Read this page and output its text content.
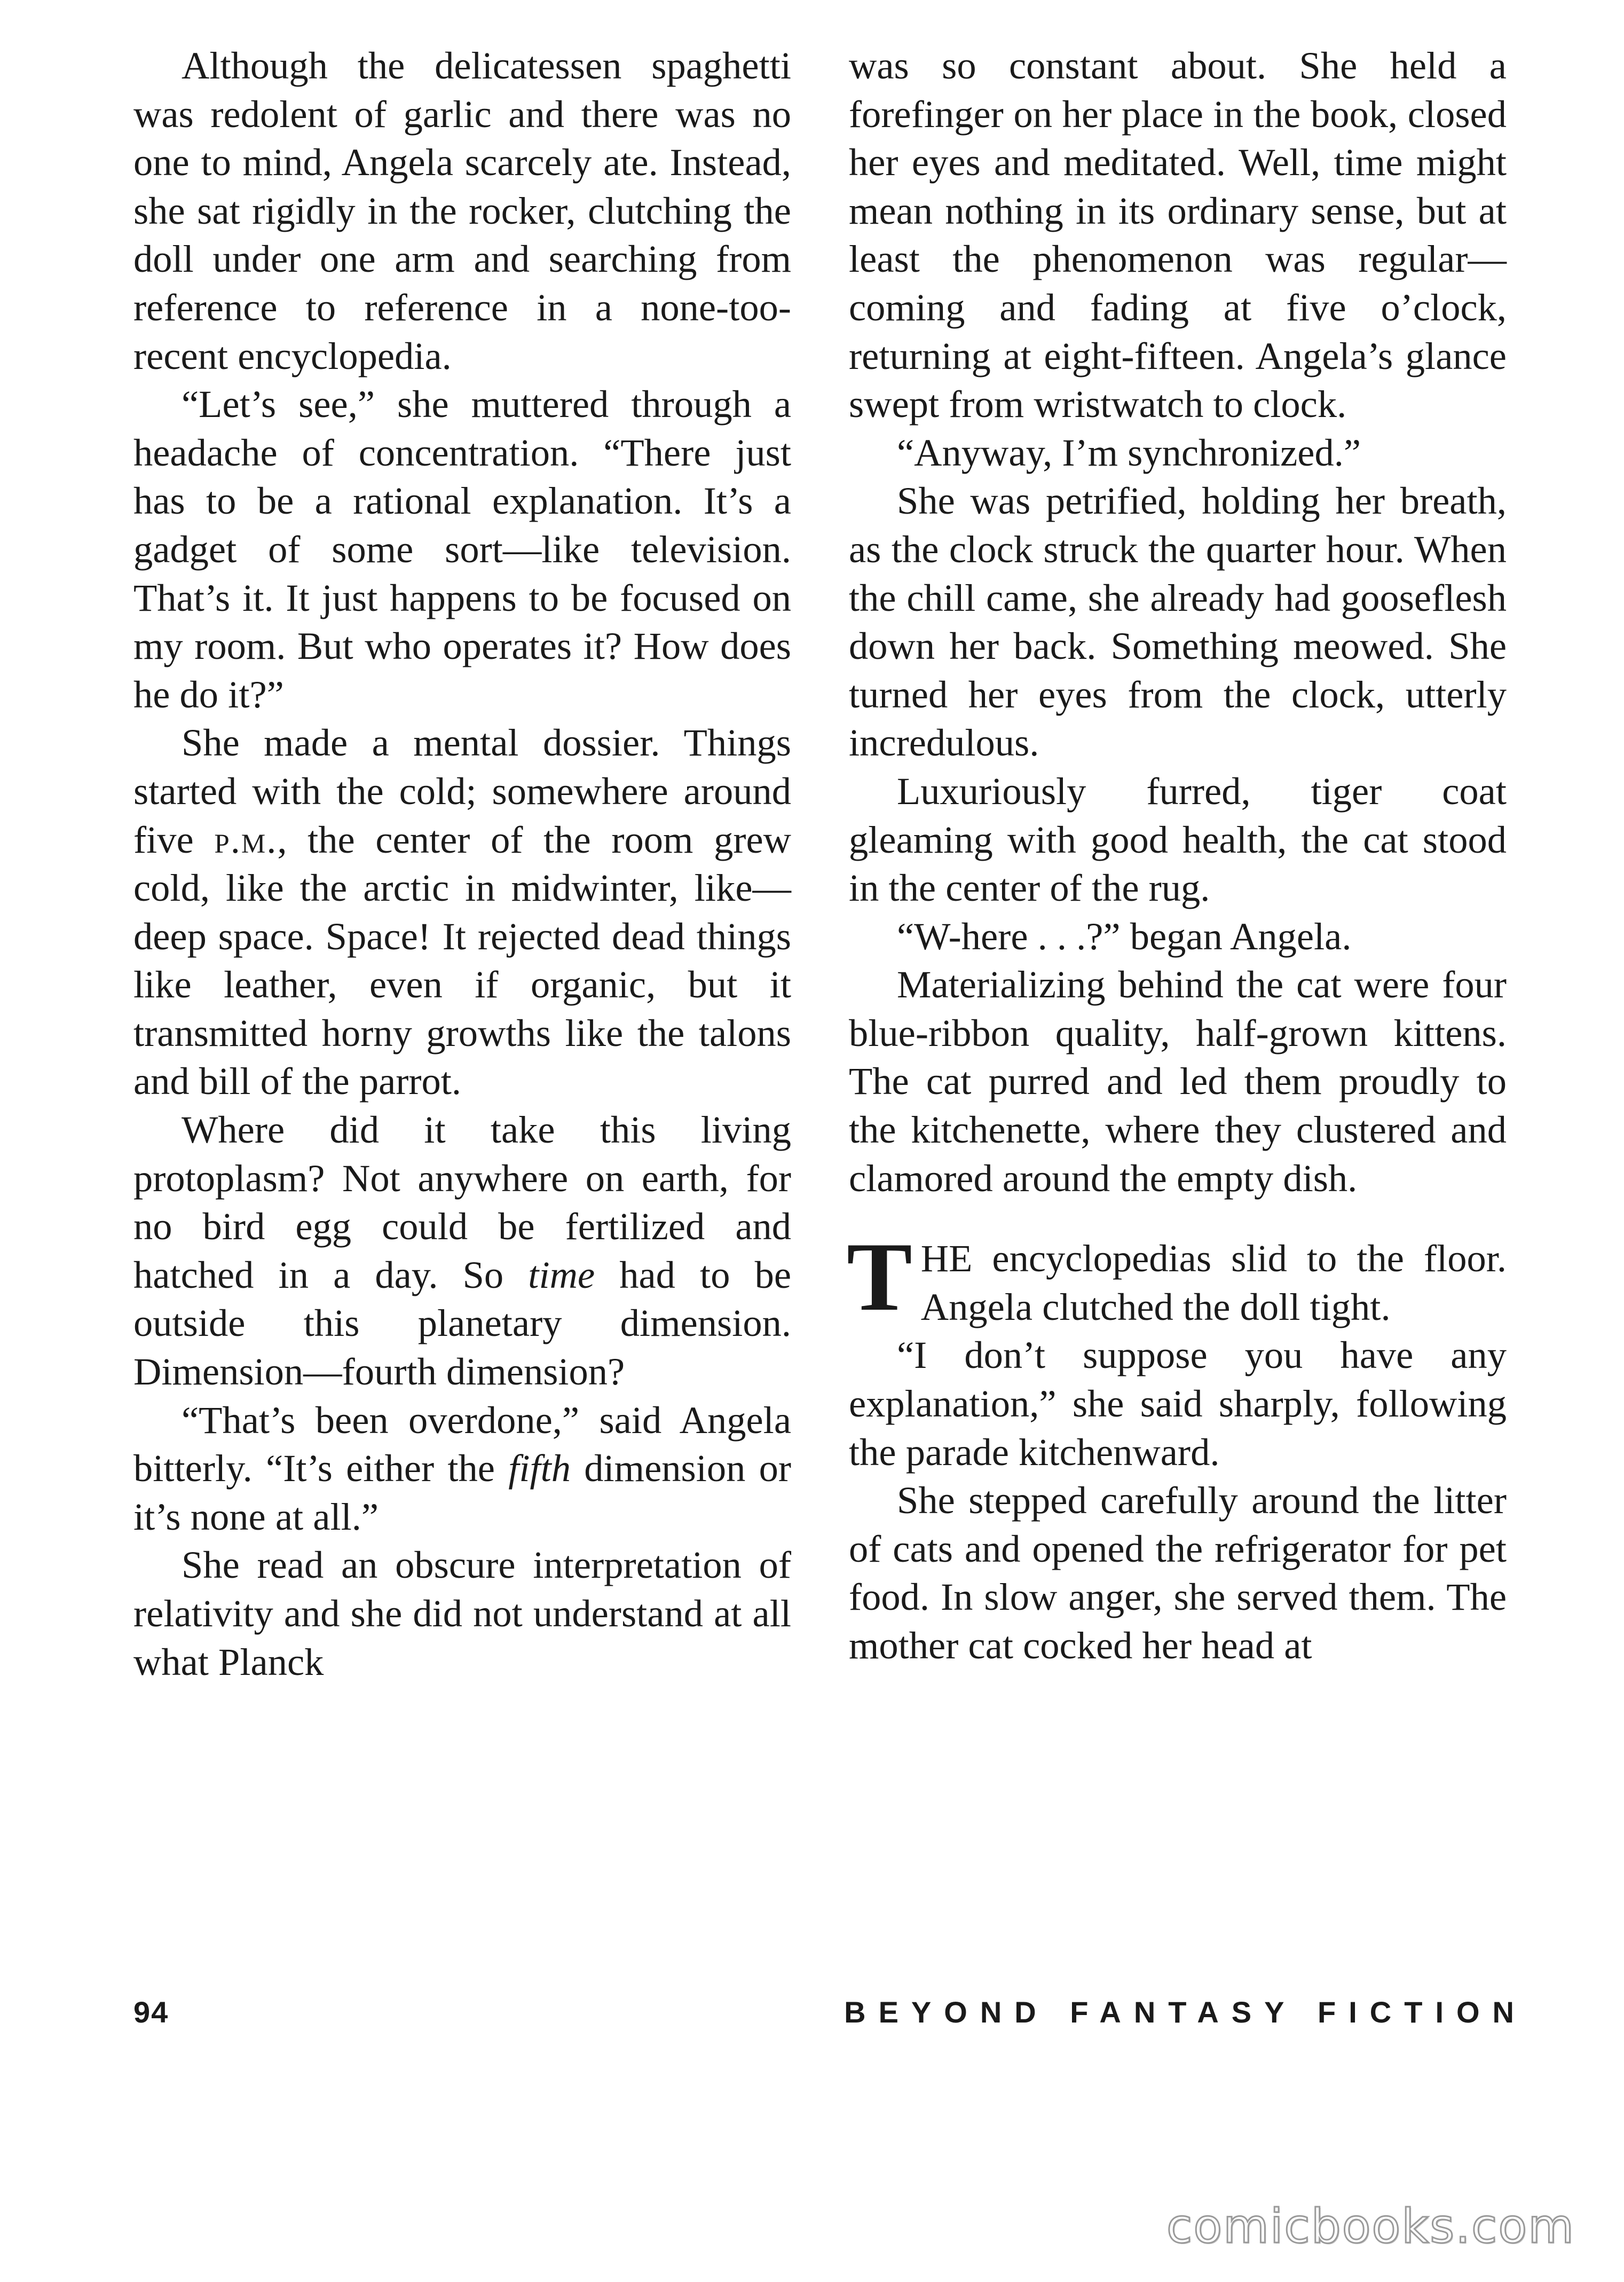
Although the delicatessen spaghetti was redolent of garlic and there was no one to mind, Angela scarcely ate. Instead, she sat rigidly in the rocker, clutching the doll under one arm and searching from reference to reference in a none-too-recent encyclopedia.

“Let’s see,” she muttered through a headache of concentration. “There just has to be a rational explanation. It’s a gadget of some sort—like television. That’s it. It just happens to be focused on my room. But who operates it? How does he do it?”

She made a mental dossier. Things started with the cold; somewhere around five p.m., the center of the room grew cold, like the arctic in midwinter, like—deep space. Space! It rejected dead things like leather, even if organic, but it transmitted horny growths like the talons and bill of the parrot.

Where did it take this living protoplasm? Not anywhere on earth, for no bird egg could be fertilized and hatched in a day. So time had to be outside this planetary dimension. Dimension—fourth dimension?

“That’s been overdone,” said Angela bitterly. “It’s either the fifth dimension or it’s none at all.”

She read an obscure interpretation of relativity and she did not understand at all what Planck

was so constant about. She held a forefinger on her place in the book, closed her eyes and meditated. Well, time might mean nothing in its ordinary sense, but at least the phenomenon was regular—coming and fading at five o’clock, returning at eight-fifteen. Angela’s glance swept from wristwatch to clock.

“Anyway, I’m synchronized.”

She was petrified, holding her breath, as the clock struck the quarter hour. When the chill came, she already had gooseflesh down her back. Something meowed. She turned her eyes from the clock, utterly incredulous.

Luxuriously furred, tiger coat gleaming with good health, the cat stood in the center of the rug.

“W-here . . .?” began Angela.

Materializing behind the cat were four blue-ribbon quality, half-grown kittens. The cat purred and led them proudly to the kitchenette, where they clustered and clamored around the empty dish.

THE encyclopedias slid to the floor. Angela clutched the doll tight.

“I don’t suppose you have any explanation,” she said sharply, following the parade kitchenward.

She stepped carefully around the litter of cats and opened the refrigerator for pet food. In slow anger, she served them. The mother cat cocked her head at

94	BEYOND FANTASY FICTION
comicbooks.com
